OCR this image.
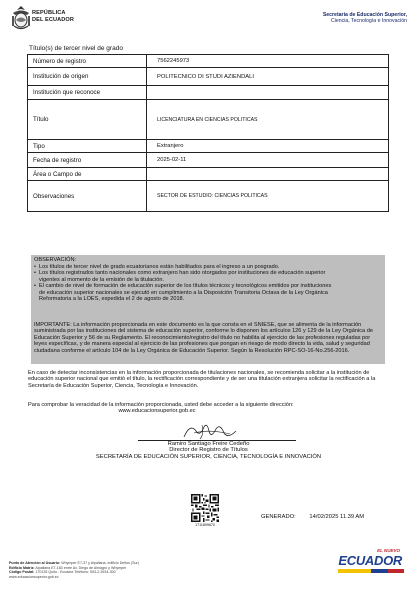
REPÚBLICA
DEL ECUADOR
Secretaría de Educación Superior,
Ciencia, Tecnología e Innovación
Título(s) de tercer nivel de grado
Número de registro	7562245973
Institución de origen	POLITECNICO DI STUDI AZIENDALI
Institución que reconoce	
Título	LICENCIATURA EN CIENCIAS POLITICAS
Tipo	Extranjero
Fecha de registro	2025-02-11
Área o Campo de	
Observaciones	SECTOR DE ESTUDIO: CIENCIAS POLITICAS
OBSERVACIÓN:
• Los títulos de tercer nivel de grado ecuatorianos están habilitados para el ingreso a un posgrado.
• Los títulos registrados tanto nacionales como extranjero han sido otorgados por instituciones de educación superior vigentes al momento de la emisión de la titulación.
• El cambio de nivel de formación de educación superior de los títulos técnicos y tecnológicos emitidos por instituciones de educación superior nacionales se ejecutó en cumplimiento a la Disposición Transitoria Octava de la Ley Orgánica Reformatoria a la LOES, expedida el 2 de agosto de 2018.
IMPORTANTE: La información proporcionada en este documento es la que consta en el SNIESE, que se alimenta de la información suministrada por las instituciones del sistema de educación superior, conforme lo disponen los artículos 126 y 129 de la Ley Orgánica de Educación Superior y 56 de su Reglamento. El reconocimiento/registro del título no habilita al ejercicio de las profesiones reguladas por leyes específicas, y de manera especial al ejercicio de las profesiones que pongan en riesgo de modo directo la vida, salud y seguridad ciudadana conforme el artículo 104 de la Ley Orgánica de Educación Superior. Según la Resolución RPC-SO-16-No.256-2016.
En caso de detectar inconsistencias en la información proporcionada de titulaciones nacionales, se recomienda solicitar a la institución de educación superior nacional que emitió el título, la rectificación correspondiente y de ser una titulación extranjera solicitar la rectificación a la Secretaría de Educación Superior, Ciencia, Tecnología e Innovación.
Para comprobar la veracidad de la información proporcionada, usted debe acceder a la siguiente dirección:
www.educacionsuperior.gob.ec
Ramiro Santiago Freire Cedeño
Director de Registro de Títulos
SECRETARÍA DE EDUCACIÓN SUPERIOR, CIENCIA, TECNOLOGÍA E INNOVACIÓN
1711899670
GENERADO: 14/02/2025 11.39 AM
Punto de Atención al Usuario: Whymper E7-37 y Alpallana, edificio Delfos (Sur)
Edificio Matriz: Alpallana E7-183 entre Av. Diego de Almagro y Whymper
Código Postal: 170135 Quito - Ecuador Teléfono: 593-2-3934-300
www.educacionsuperior.gob.ec
EL NUEVO
ECUADOR
